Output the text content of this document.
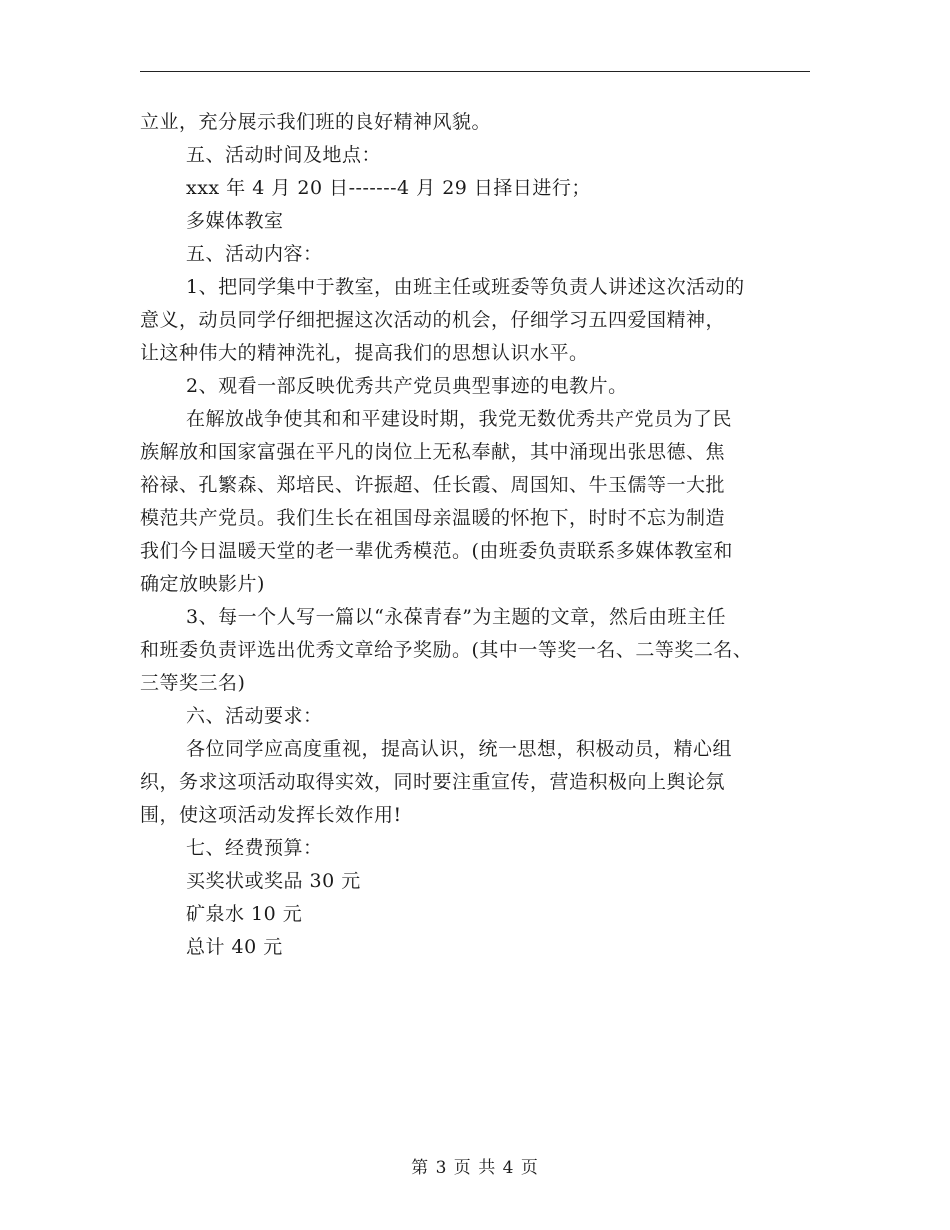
立业，充分展示我们班的良好精神风貌。
五、活动时间及地点：
xxx 年 4 月 20 日-------4 月 29 日择日进行；
多媒体教室
五、活动内容：
1、把同学集中于教室，由班主任或班委等负责人讲述这次活动的
意义，动员同学仔细把握这次活动的机会，仔细学习五四爱国精神，
让这种伟大的精神洗礼，提高我们的思想认识水平。
2、观看一部反映优秀共产党员典型事迹的电教片。
在解放战争使其和和平建设时期，我党无数优秀共产党员为了民
族解放和国家富强在平凡的岗位上无私奉献，其中涌现出张思德、焦
裕禄、孔繁森、郑培民、许振超、任长霞、周国知、牛玉儒等一大批
模范共产党员。我们生长在祖国母亲温暖的怀抱下，时时不忘为制造
我们今日温暖天堂的老一辈优秀模范。(由班委负责联系多媒体教室和
确定放映影片)
3、每一个人写一篇以“永葆青春”为主题的文章，然后由班主任
和班委负责评选出优秀文章给予奖励。(其中一等奖一名、二等奖二名、
三等奖三名)
六、活动要求：
各位同学应高度重视，提高认识，统一思想，积极动员，精心组
织，务求这项活动取得实效，同时要注重宣传，营造积极向上舆论氛
围，使这项活动发挥长效作用!
七、经费预算：
买奖状或奖品 30 元
矿泉水 10 元
总计 40 元
第 3 页 共 4 页
